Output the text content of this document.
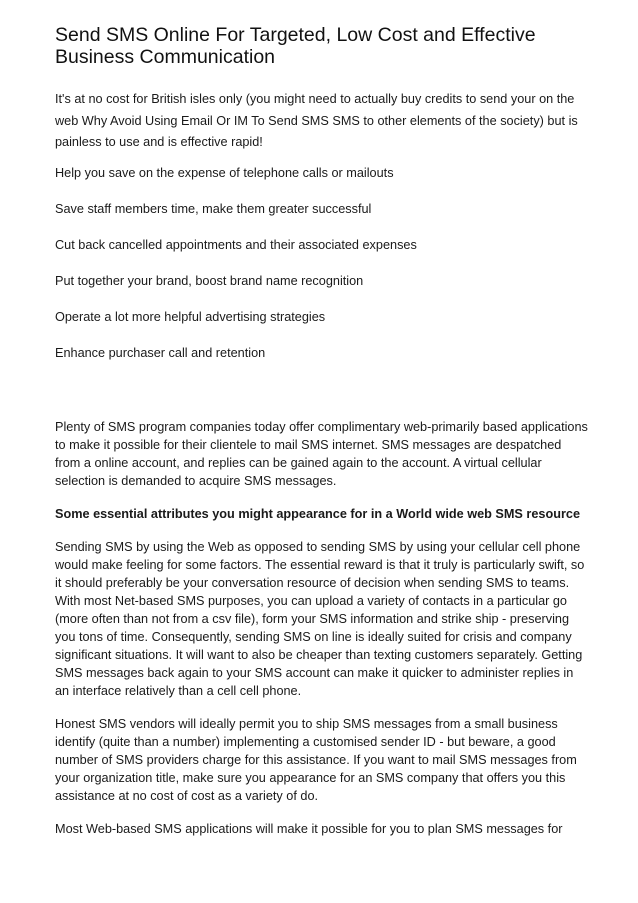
Send SMS Online For Targeted, Low Cost and Effective Business Communication

It's at no cost for British isles only (you might need to actually buy credits to send your on the web Why Avoid Using Email Or IM To Send SMS SMS to other elements of the society) but is painless to use and is effective rapid!

Help you save on the expense of telephone calls or mailouts

Save staff members time, make them greater successful

Cut back cancelled appointments and their associated expenses

Put together your brand, boost brand name recognition

Operate a lot more helpful advertising strategies

Enhance purchaser call and retention

Plenty of SMS program companies today offer complimentary web-primarily based applications to make it possible for their clientele to mail SMS internet. SMS messages are despatched from a online account, and replies can be gained again to the account. A virtual cellular selection is demanded to acquire SMS messages.

Some essential attributes you might appearance for in a World wide web SMS resource

Sending SMS by using the Web as opposed to sending SMS by using your cellular cell phone would make feeling for some factors. The essential reward is that it truly is particularly swift, so it should preferably be your conversation resource of decision when sending SMS to teams. With most Net-based SMS purposes, you can upload a variety of contacts in a particular go (more often than not from a csv file), form your SMS information and strike ship - preserving you tons of time. Consequently, sending SMS on line is ideally suited for crisis and company significant situations. It will want to also be cheaper than texting customers separately. Getting SMS messages back again to your SMS account can make it quicker to administer replies in an interface relatively than a cell cell phone.

Honest SMS vendors will ideally permit you to ship SMS messages from a small business identify (quite than a number) implementing a customised sender ID - but beware, a good number of SMS providers charge for this assistance. If you want to mail SMS messages from your organization title, make sure you appearance for an SMS company that offers you this assistance at no cost of cost as a variety of do.

Most Web-based SMS applications will make it possible for you to plan SMS messages for
